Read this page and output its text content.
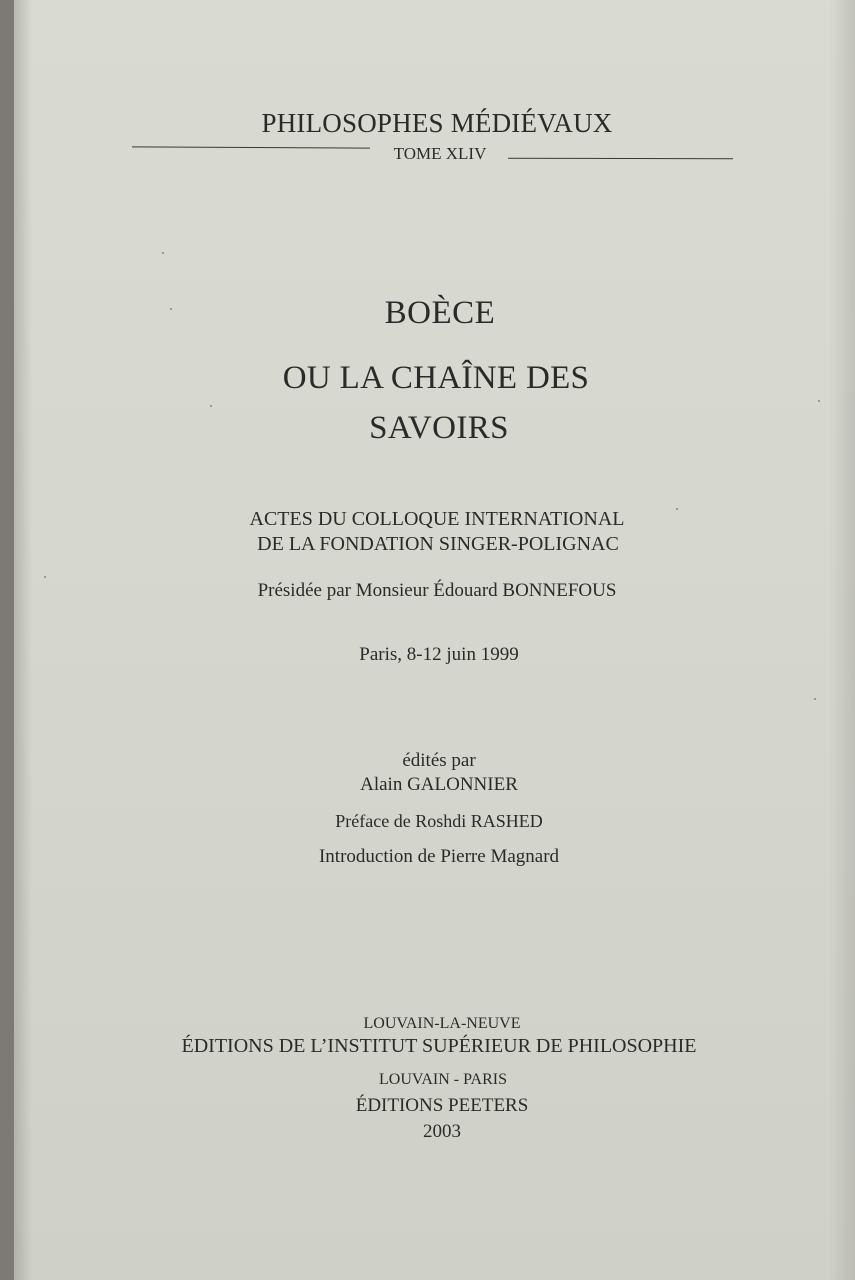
PHILOSOPHES MÉDIÉVAUX
TOME XLIV
BOÈCE
OU LA CHAÎNE DES
SAVOIRS
ACTES DU COLLOQUE INTERNATIONAL
DE LA FONDATION SINGER-POLIGNAC
Présidée par Monsieur Édouard BONNEFOUS
Paris, 8-12 juin 1999
édités par
Alain GALONNIER
Préface de Roshdi RASHED
Introduction de Pierre Magnard
LOUVAIN-LA-NEUVE
ÉDITIONS DE L’INSTITUT SUPÉRIEUR DE PHILOSOPHIE
LOUVAIN - PARIS
ÉDITIONS PEETERS
2003
